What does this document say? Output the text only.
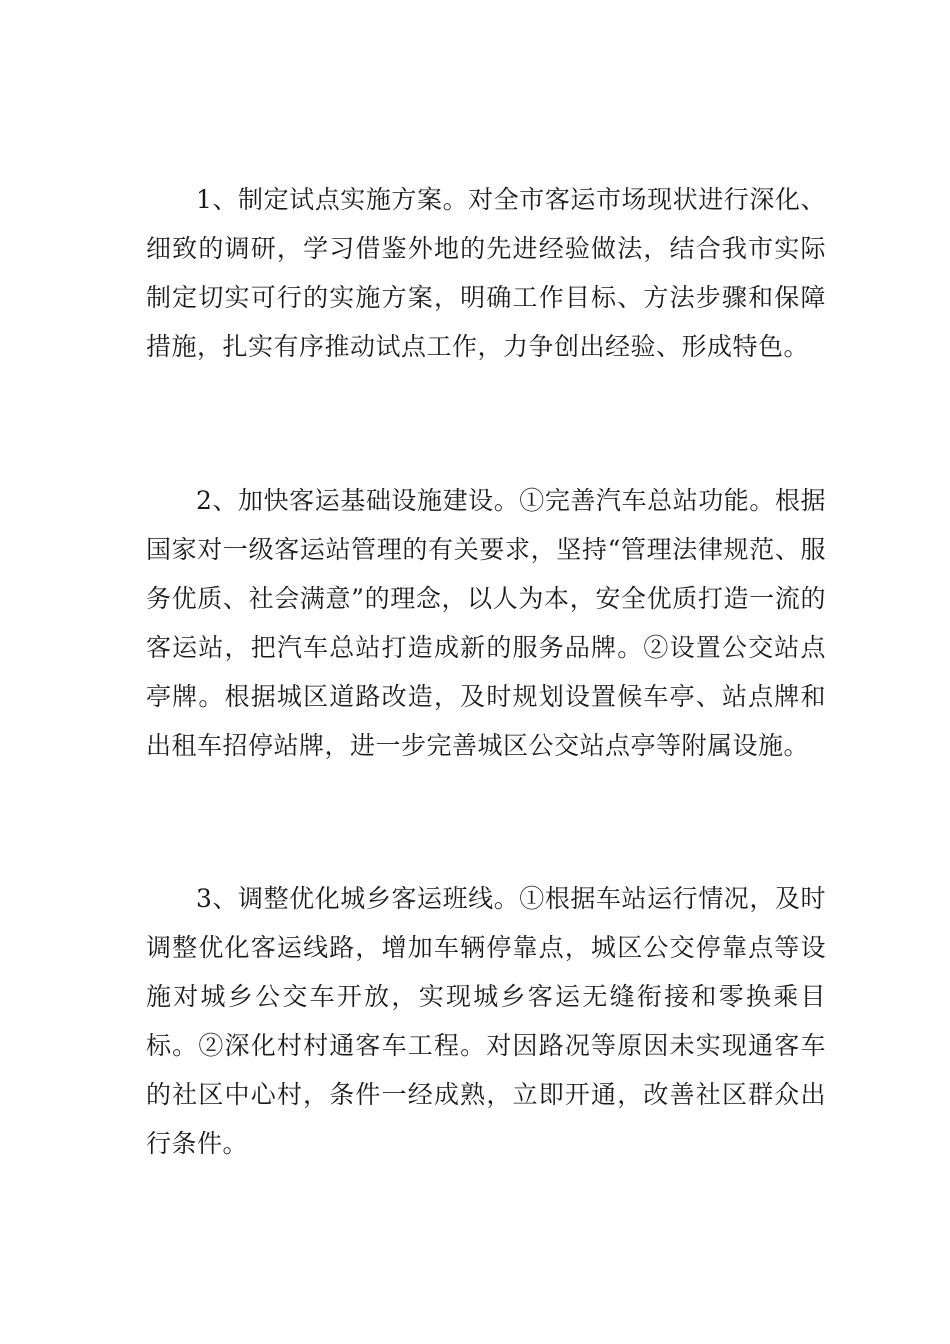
1、制定试点实施方案。对全市客运市场现状进行深化、细致的调研，学习借鉴外地的先进经验做法，结合我市实际制定切实可行的实施方案，明确工作目标、方法步骤和保障措施，扎实有序推动试点工作，力争创出经验、形成特色。

2、加快客运基础设施建设。①完善汽车总站功能。根据国家对一级客运站管理的有关要求，坚持“管理法律规范、服务优质、社会满意”的理念，以人为本，安全优质打造一流的客运站，把汽车总站打造成新的服务品牌。②设置公交站点亭牌。根据城区道路改造，及时规划设置候车亭、站点牌和出租车招停站牌，进一步完善城区公交站点亭等附属设施。

3、调整优化城乡客运班线。①根据车站运行情况，及时调整优化客运线路，增加车辆停靠点，城区公交停靠点等设施对城乡公交车开放，实现城乡客运无缝衔接和零换乘目标。②深化村村通客车工程。对因路况等原因未实现通客车的社区中心村，条件一经成熟，立即开通，改善社区群众出行条件。
